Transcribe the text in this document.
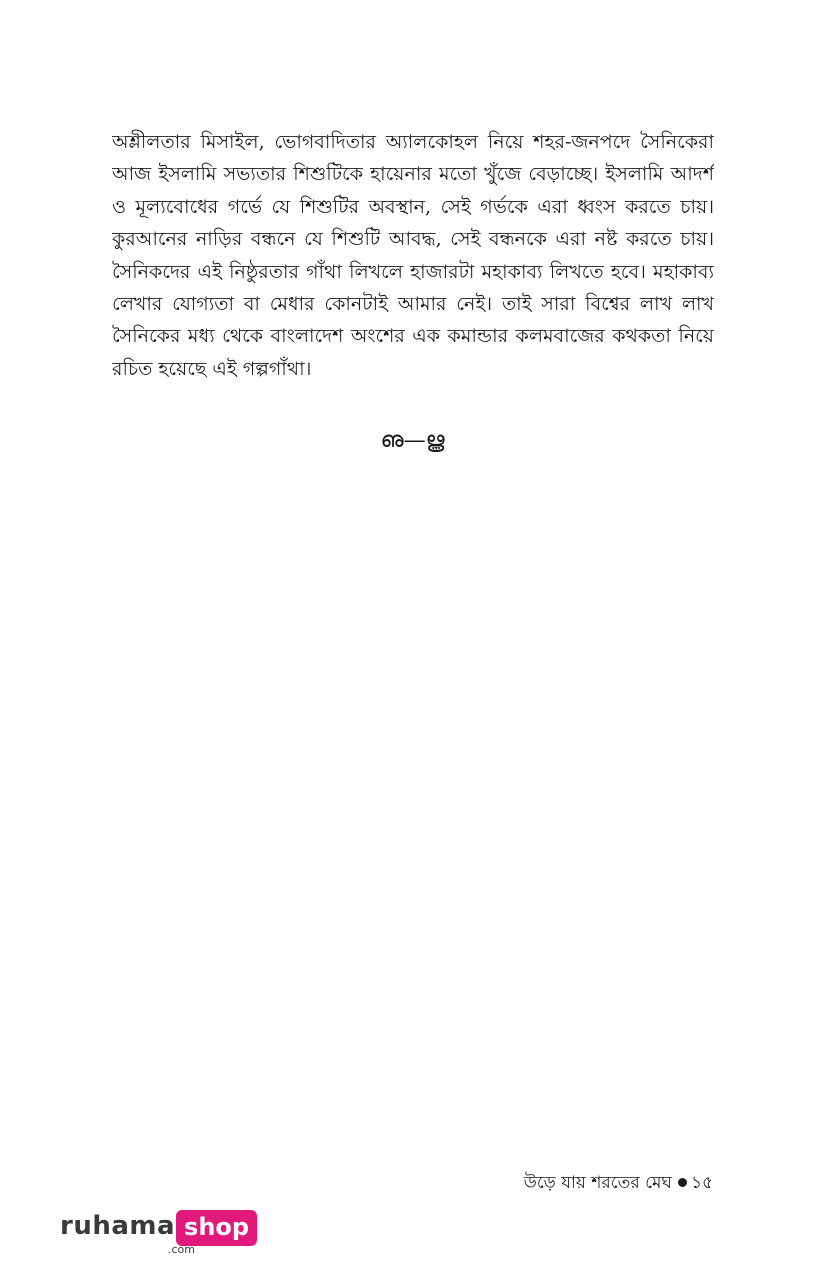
অশ্লীলতার মিসাইল, ভোগবাদিতার অ্যালকোহল নিয়ে শহর-জনপদে সৈনিকেরা
আজ ইসলামি সভ্যতার শিশুটিকে হায়েনার মতো খুঁজে বেড়াচ্ছে। ইসলামি আদর্শ
ও মূল্যবোধের গর্ভে যে শিশুটির অবস্থান, সেই গর্ভকে এরা ধ্বংস করতে চায়।
কুরআনের নাড়ির বন্ধনে যে শিশুটি আবদ্ধ, সেই বন্ধনকে এরা নষ্ট করতে চায়।
সৈনিকদের এই নিষ্ঠুরতার গাঁথা লিখলে হাজারটা মহাকাব্য লিখতে হবে। মহাকাব্য
লেখার যোগ্যতা বা মেধার কোনটাই আমার নেই। তাই সারা বিশ্বের লাখ লাখ
সৈনিকের মধ্য থেকে বাংলাদেশ অংশের এক কমান্ডার কলমবাজের কথকতা নিয়ে
রচিত হয়েছে এই গল্পগাঁথা।
ഌ—ൠ
উড়ে যায় শরতের মেঘ ১৫
ruhama shop
.com
